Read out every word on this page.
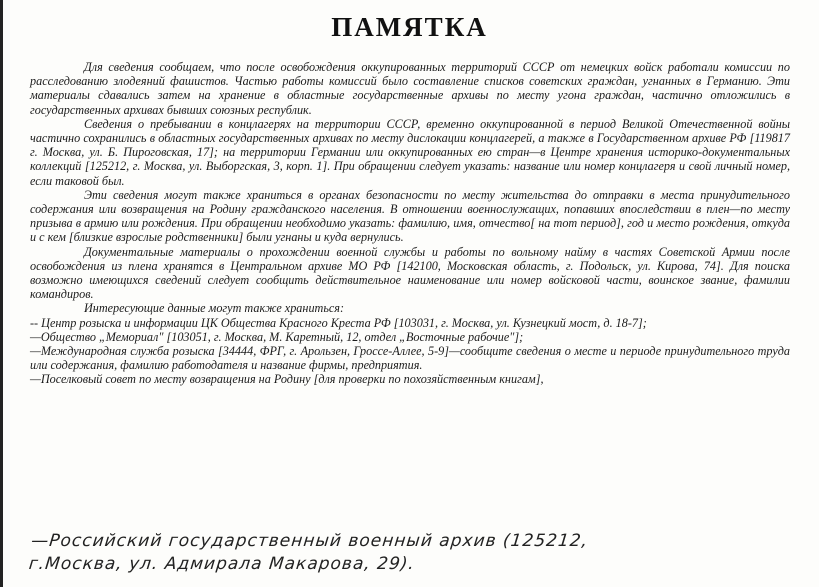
ПАМЯТКА

Для сведения сообщаем, что после освобождения оккупированных территорий СССР от немецких войск работали комиссии по расследованию злодеяний фашистов. Частью работы комиссий было составление списков советских граждан, угнанных в Германию. Эти материалы сдавались затем на хранение в областные государственные архивы по месту угона граждан, частично отложились в государственных архивах бывших союзных республик.

Сведения о пребывании в концлагерях на территории СССР, временно оккупированной в период Великой Отечественной войны частично сохранились в областных государственных архивах по месту дислокации концлагерей, а также в Государственном архиве РФ [119817 г. Москва, ул. Б. Пироговская, 17]; на территории Германии или оккупированных ею стран—в Центре хранения историко-документальных коллекций [125212, г. Москва, ул. Выборгская, 3, корп. 1]. При обращении следует указать: название или номер концлагеря и свой личный номер, если таковой был.

Эти сведения могут также храниться в органах безопасности по месту жительства до отправки в места принудительного содержания или возвращения на Родину гражданского населения. В отношении военнослужащих, попавших впоследствии в плен—по месту призыва в армию или рождения. При обращении необходимо указать: фамилию, имя, отчество[ на тот период], год и место рождения, откуда и с кем [близкие взрослые родственники] были угнаны и куда вернулись.

Документальные материалы о прохождении военной службы и работы по вольному найму в частях Советской Армии после освобождения из плена хранятся в Центральном архиве МО РФ [142100, Московская область, г. Подольск, ул. Кирова, 74]. Для поиска возможно имеющихся сведений следует сообщить действительное наименование или номер войсковой части, воинское звание, фамилии командиров.

Интересующие данные могут также храниться:

-- Центр розыска и информации ЦК Общества Красного Креста РФ [103031, г. Москва, ул. Кузнецкий мост, д. 18-7];

—Общество „Мемориал" [103051, г. Москва, М. Каретный, 12, отдел „Восточные рабочие"];

—Международная служба розыска [34444, ФРГ, г. Арользен, Гроссе-Аллее, 5-9]—сообщите сведения о месте и периоде принудительного труда или содержания, фамилию работодателя и название фирмы, предприятия.

—Поселковый совет по месту возвращения на Родину [для проверки по похозяйственным книгам],

—Российский государственный военный архив (125212,
г.Москва, ул. Адмирала Макарова, 29).
